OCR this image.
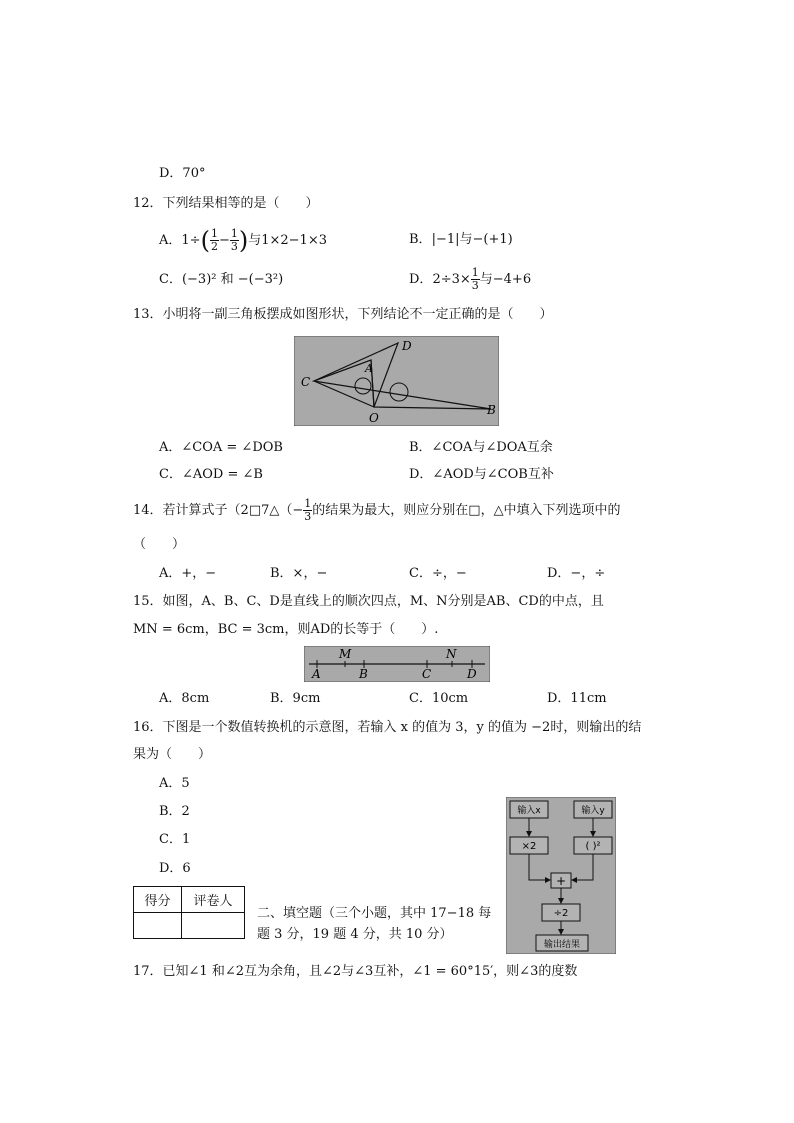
D．70°
12．下列结果相等的是（　　）
A．$1\div( \frac{1}{2} - \frac{1}{3}$ )与1×2−1×3	B．|−1|与−(+1)
C．(−3)² 和 −(−3²)	D．$2\div 3\times \frac{1}{3}$ 与−4+6
13．小明将一副三角板摆成如图形状，下列结论不一定正确的是（　　）
C
A
D
O
B
A．∠COA = ∠DOB	B．∠COA与∠DOA互余
C．∠AOD = ∠B	D．∠AOD与∠COB互补
14．若计算式子（2□7△（− $\frac{1}{3}$ 的结果为最大，则应分别在□，△中填入下列选项中的
（　　）
A．+，−	B．×，−	C．÷，−	D．−，÷
15．如图，A、B、C、D是直线上的顺次四点，M、N分别是AB、CD的中点，且
MN = 6cm，BC = 3cm，则AD的长等于（　　）.
M	N
A	B	C	D
A．8cm	B．9cm	C．10cm	D．11cm
16．下图是一个数值转换机的示意图，若输入 x 的值为 3，y 的值为 −2时，则输出的结
果为（　　）
A．5
B．2
C．1
D．6
输入x	输入y
×2	( )²
+
÷2
输出结果
得分	评卷人

二、填空题（三个小题，其中 17−18 每
题 3 分，19 题 4 分，共 10 分）
17．已知∠1 和∠2互为余角，且∠2与∠3互补，∠1 = 60°15′，则∠3的度数
